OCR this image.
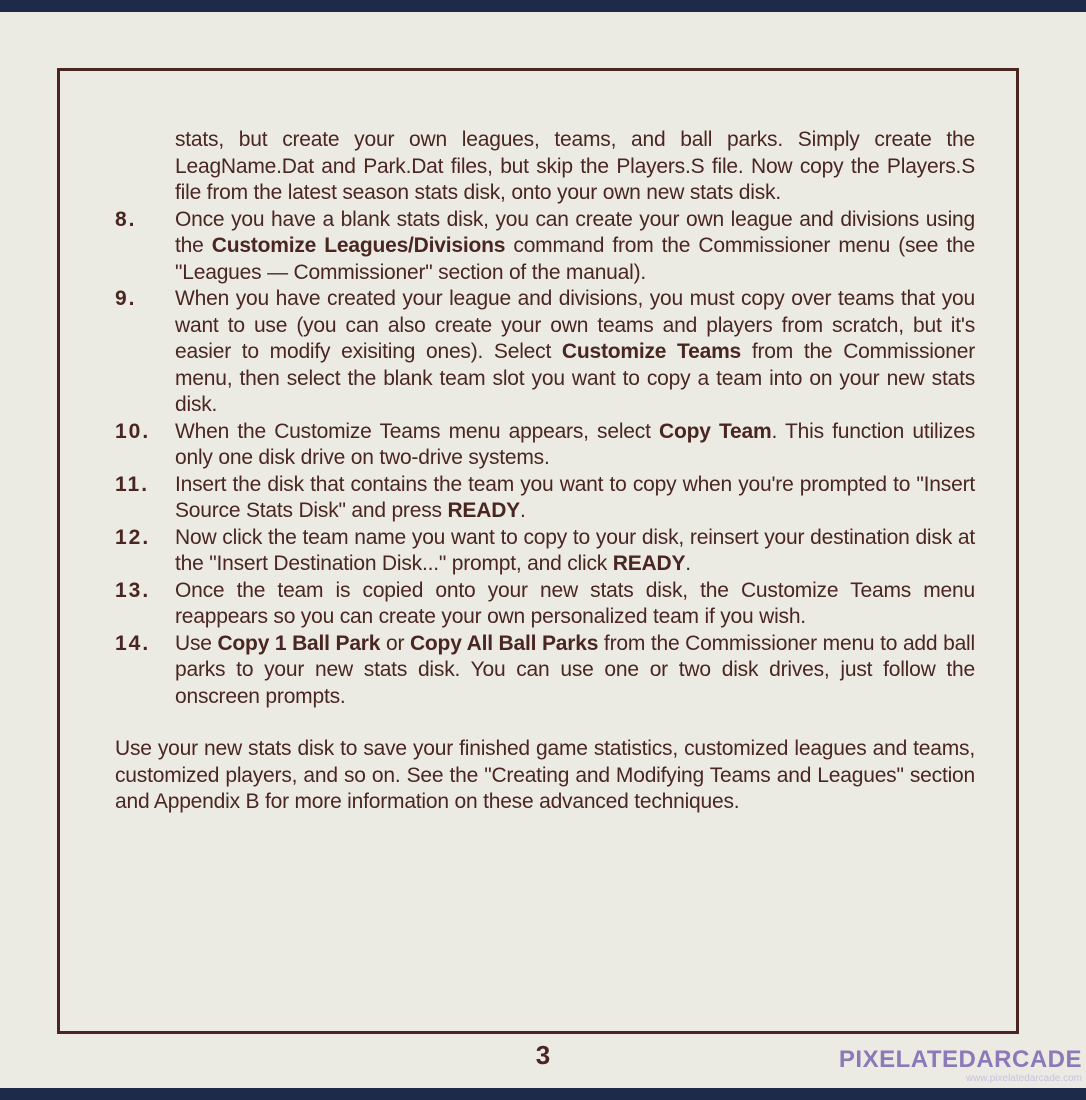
stats, but create your own leagues, teams, and ball parks. Simply create the LeagName.Dat and Park.Dat files, but skip the Players.S file. Now copy the Players.S file from the latest season stats disk, onto your own new stats disk.

8.	Once you have a blank stats disk, you can create your own league and divisions using the Customize Leagues/Divisions command from the Commissioner menu (see the "Leagues — Commissioner" section of the manual).
9.	When you have created your league and divisions, you must copy over teams that you want to use (you can also create your own teams and players from scratch, but it's easier to modify exisiting ones). Select Customize Teams from the Commissioner menu, then select the blank team slot you want to copy a team into on your new stats disk.
10.	When the Customize Teams menu appears, select Copy Team. This function utilizes only one disk drive on two-drive systems.
11.	Insert the disk that contains the team you want to copy when you're prompted to "Insert Source Stats Disk" and press READY.
12.	Now click the team name you want to copy to your disk, reinsert your destination disk at the "Insert Destination Disk..." prompt, and click READY.
13.	Once the team is copied onto your new stats disk, the Customize Teams menu reappears so you can create your own personalized team if you wish.
14.	Use Copy 1 Ball Park or Copy All Ball Parks from the Commissioner menu to add ball parks to your new stats disk. You can use one or two disk drives, just follow the onscreen prompts.

Use your new stats disk to save your finished game statistics, customized leagues and teams, customized players, and so on. See the "Creating and Modifying Teams and Leagues" section and Appendix B for more information on these advanced techniques.

3	PIXELATEDARCADE
www.pixelatedarcade.com
